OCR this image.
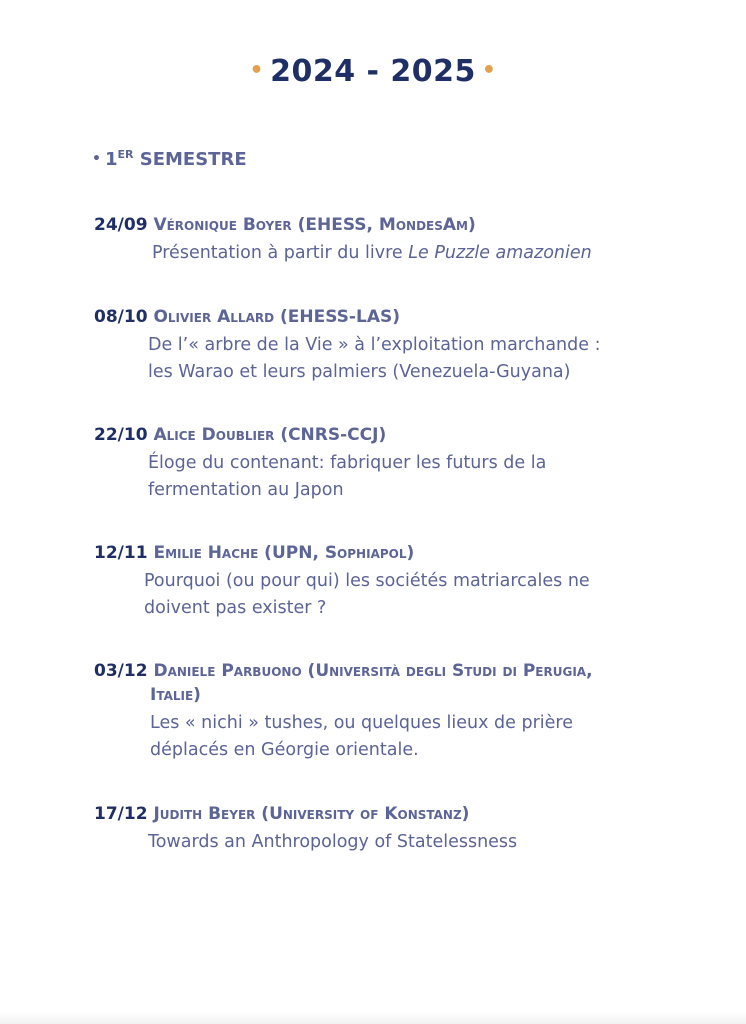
• 2024 - 2025 •
• 1ER SEMESTRE
24/09 Véronique Boyer (EHESS, MondesAm)
Présentation à partir du livre Le Puzzle amazonien
08/10 Olivier Allard (EHESS-LAS)
De l’« arbre de la Vie » à l’exploitation marchande :
les Warao et leurs palmiers (Venezuela-Guyana)
22/10 Alice Doublier (CNRS-CCJ)
Éloge du contenant: fabriquer les futurs de la
fermentation au Japon
12/11 Emilie Hache (UPN, Sophiapol)
Pourquoi (ou pour qui) les sociétés matriarcales ne
doivent pas exister ?
03/12 Daniele Parbuono (Università degli Studi di Perugia,
Italie)
Les « nichi » tushes, ou quelques lieux de prière
déplacés en Géorgie orientale.
17/12 Judith Beyer (University of Konstanz)
Towards an Anthropology of Statelessness
